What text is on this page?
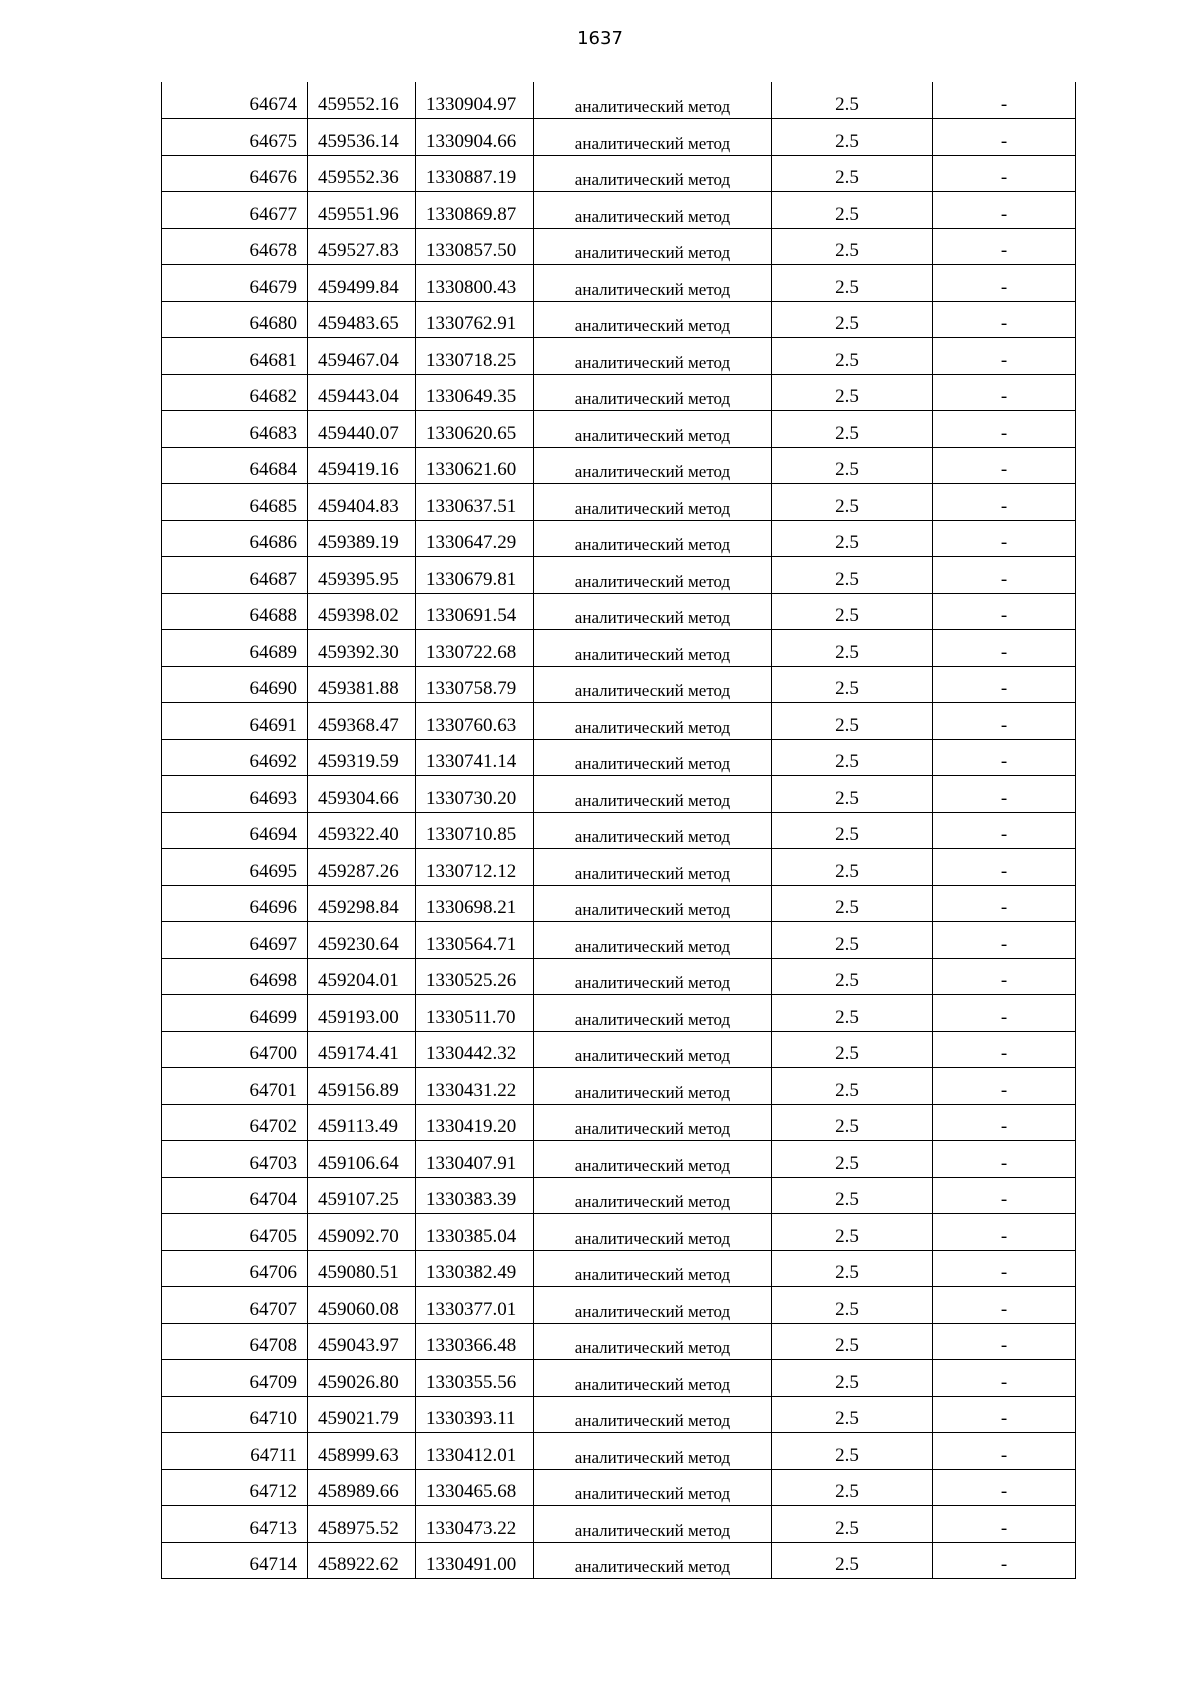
1637
64674	459552.16	1330904.97	аналитический метод	2.5	-
64675	459536.14	1330904.66	аналитический метод	2.5	-
64676	459552.36	1330887.19	аналитический метод	2.5	-
64677	459551.96	1330869.87	аналитический метод	2.5	-
64678	459527.83	1330857.50	аналитический метод	2.5	-
64679	459499.84	1330800.43	аналитический метод	2.5	-
64680	459483.65	1330762.91	аналитический метод	2.5	-
64681	459467.04	1330718.25	аналитический метод	2.5	-
64682	459443.04	1330649.35	аналитический метод	2.5	-
64683	459440.07	1330620.65	аналитический метод	2.5	-
64684	459419.16	1330621.60	аналитический метод	2.5	-
64685	459404.83	1330637.51	аналитический метод	2.5	-
64686	459389.19	1330647.29	аналитический метод	2.5	-
64687	459395.95	1330679.81	аналитический метод	2.5	-
64688	459398.02	1330691.54	аналитический метод	2.5	-
64689	459392.30	1330722.68	аналитический метод	2.5	-
64690	459381.88	1330758.79	аналитический метод	2.5	-
64691	459368.47	1330760.63	аналитический метод	2.5	-
64692	459319.59	1330741.14	аналитический метод	2.5	-
64693	459304.66	1330730.20	аналитический метод	2.5	-
64694	459322.40	1330710.85	аналитический метод	2.5	-
64695	459287.26	1330712.12	аналитический метод	2.5	-
64696	459298.84	1330698.21	аналитический метод	2.5	-
64697	459230.64	1330564.71	аналитический метод	2.5	-
64698	459204.01	1330525.26	аналитический метод	2.5	-
64699	459193.00	1330511.70	аналитический метод	2.5	-
64700	459174.41	1330442.32	аналитический метод	2.5	-
64701	459156.89	1330431.22	аналитический метод	2.5	-
64702	459113.49	1330419.20	аналитический метод	2.5	-
64703	459106.64	1330407.91	аналитический метод	2.5	-
64704	459107.25	1330383.39	аналитический метод	2.5	-
64705	459092.70	1330385.04	аналитический метод	2.5	-
64706	459080.51	1330382.49	аналитический метод	2.5	-
64707	459060.08	1330377.01	аналитический метод	2.5	-
64708	459043.97	1330366.48	аналитический метод	2.5	-
64709	459026.80	1330355.56	аналитический метод	2.5	-
64710	459021.79	1330393.11	аналитический метод	2.5	-
64711	458999.63	1330412.01	аналитический метод	2.5	-
64712	458989.66	1330465.68	аналитический метод	2.5	-
64713	458975.52	1330473.22	аналитический метод	2.5	-
64714	458922.62	1330491.00	аналитический метод	2.5	-
